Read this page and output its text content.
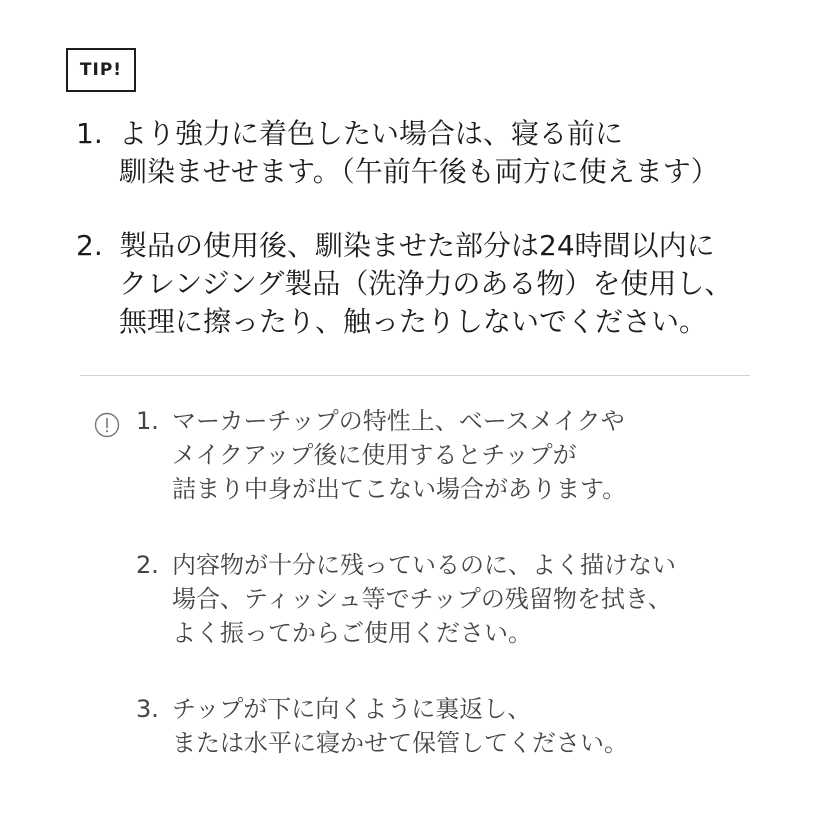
TIP!
1. より強力に着色したい場合は、寝る前に
馴染ませせます。（午前午後も両方に使えます）
2. 製品の使用後、馴染ませた部分は24時間以内に
クレンジング製品（洗浄力のある物）を使用し、
無理に擦ったり、触ったりしないでください。
1. マーカーチップの特性上、ベースメイクや
メイクアップ後に使用するとチップが
詰まり中身が出てこない場合があります。
2. 内容物が十分に残っているのに、よく描けない
場合、ティッシュ等でチップの残留物を拭き、
よく振ってからご使用ください。
3. チップが下に向くように裏返し、
または水平に寝かせて保管してください。
